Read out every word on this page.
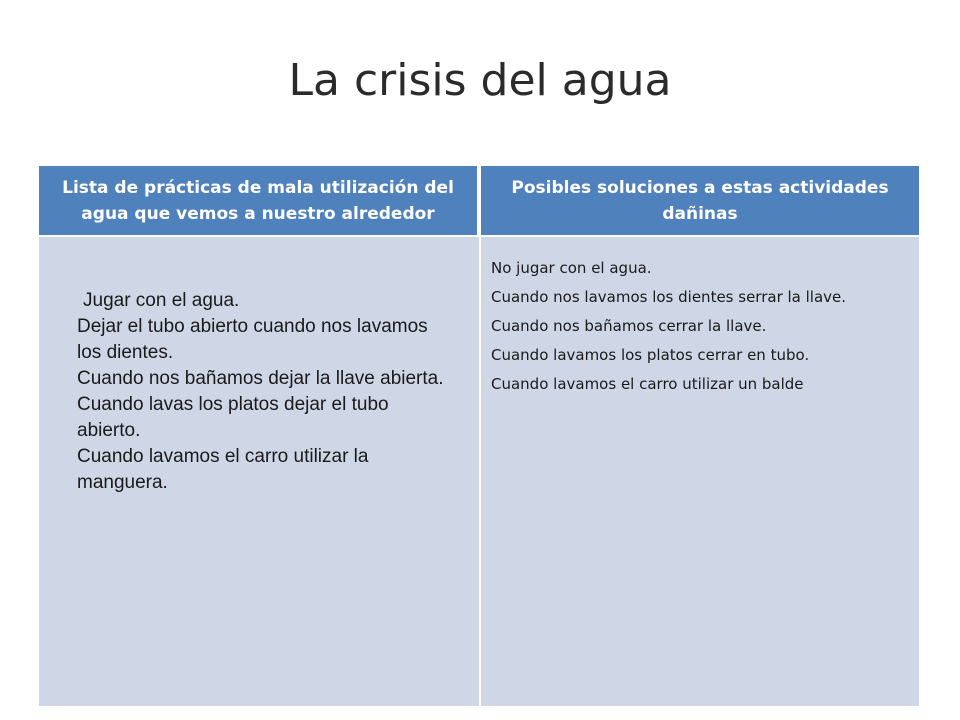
La crisis del agua
Lista de prácticas de mala utilización del agua que vemos a nuestro alrededor
Posibles soluciones a estas actividades dañinas
Jugar con el agua.
Dejar el tubo abierto cuando nos lavamos los dientes.
Cuando nos bañamos dejar la llave abierta.
Cuando lavas los platos dejar el tubo abierto.
Cuando lavamos el carro utilizar la manguera.
No jugar con el agua.
Cuando nos lavamos los dientes serrar la llave.
Cuando nos bañamos cerrar la llave.
Cuando lavamos los platos cerrar en tubo.
Cuando lavamos el carro utilizar un balde
